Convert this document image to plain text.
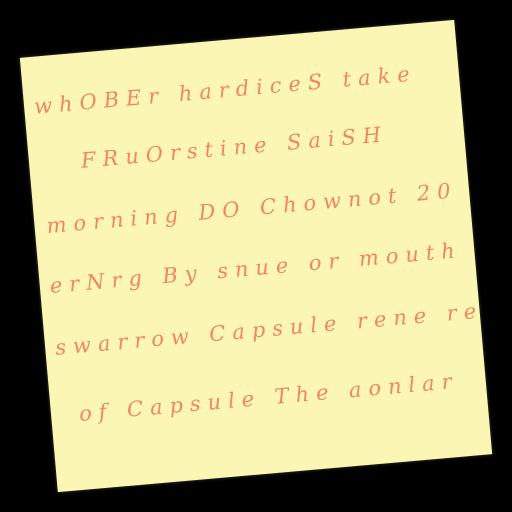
whOBEr hardiceS take
FRuOrstine SaiSH
morning DO Chownot 20
erNrg By snue or mouth
swarrow Capsule rene re
of Capsule The aonlar
